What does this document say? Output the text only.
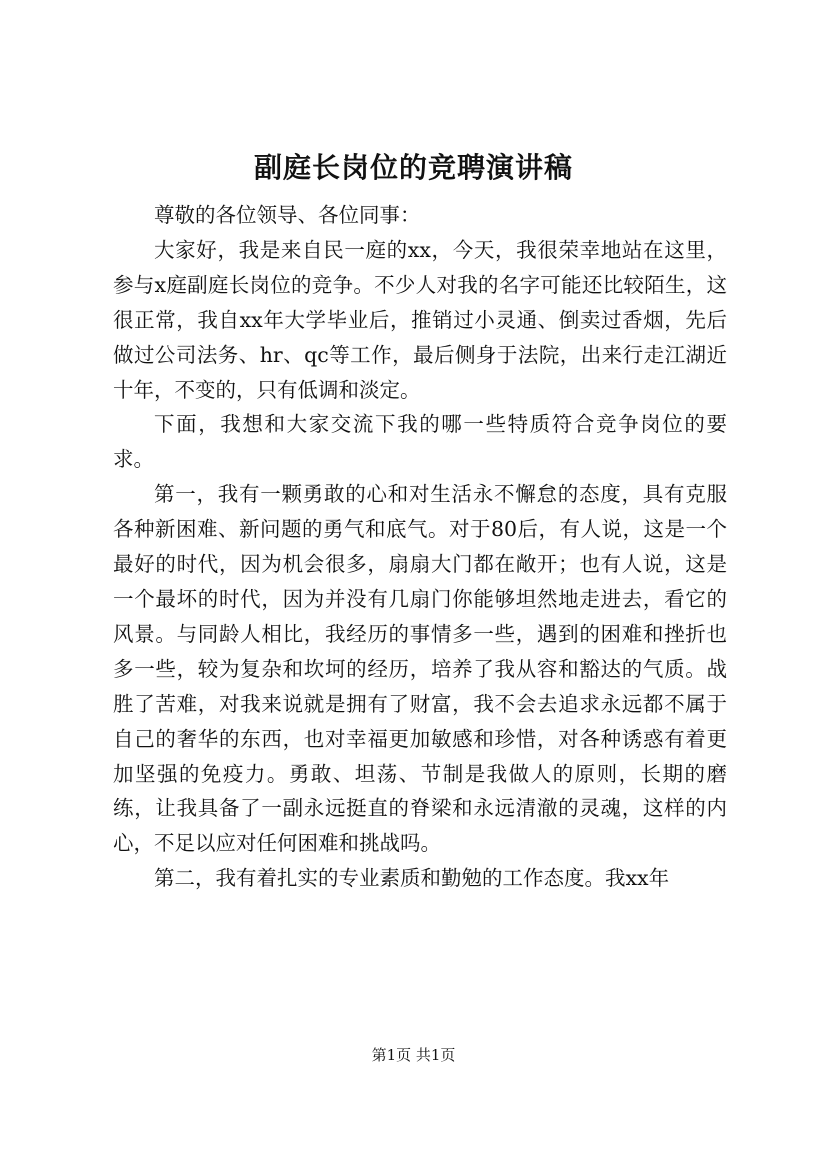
副庭长岗位的竞聘演讲稿

尊敬的各位领导、各位同事：

大家好，我是来自民一庭的xx，今天，我很荣幸地站在这里，参与x庭副庭长岗位的竞争。不少人对我的名字可能还比较陌生，这很正常，我自xx年大学毕业后，推销过小灵通、倒卖过香烟，先后做过公司法务、hr、qc等工作，最后侧身于法院，出来行走江湖近十年，不变的，只有低调和淡定。

下面，我想和大家交流下我的哪一些特质符合竞争岗位的要求。

第一，我有一颗勇敢的心和对生活永不懈怠的态度，具有克服各种新困难、新问题的勇气和底气。对于80后，有人说，这是一个最好的时代，因为机会很多，扇扇大门都在敞开；也有人说，这是一个最坏的时代，因为并没有几扇门你能够坦然地走进去，看它的风景。与同龄人相比，我经历的事情多一些，遇到的困难和挫折也多一些，较为复杂和坎坷的经历，培养了我从容和豁达的气质。战胜了苦难，对我来说就是拥有了财富，我不会去追求永远都不属于自己的奢华的东西，也对幸福更加敏感和珍惜，对各种诱惑有着更加坚强的免疫力。勇敢、坦荡、节制是我做人的原则，长期的磨练，让我具备了一副永远挺直的脊梁和永远清澈的灵魂，这样的内心，不足以应对任何困难和挑战吗。

第二，我有着扎实的专业素质和勤勉的工作态度。我xx年

第1页 共1页
